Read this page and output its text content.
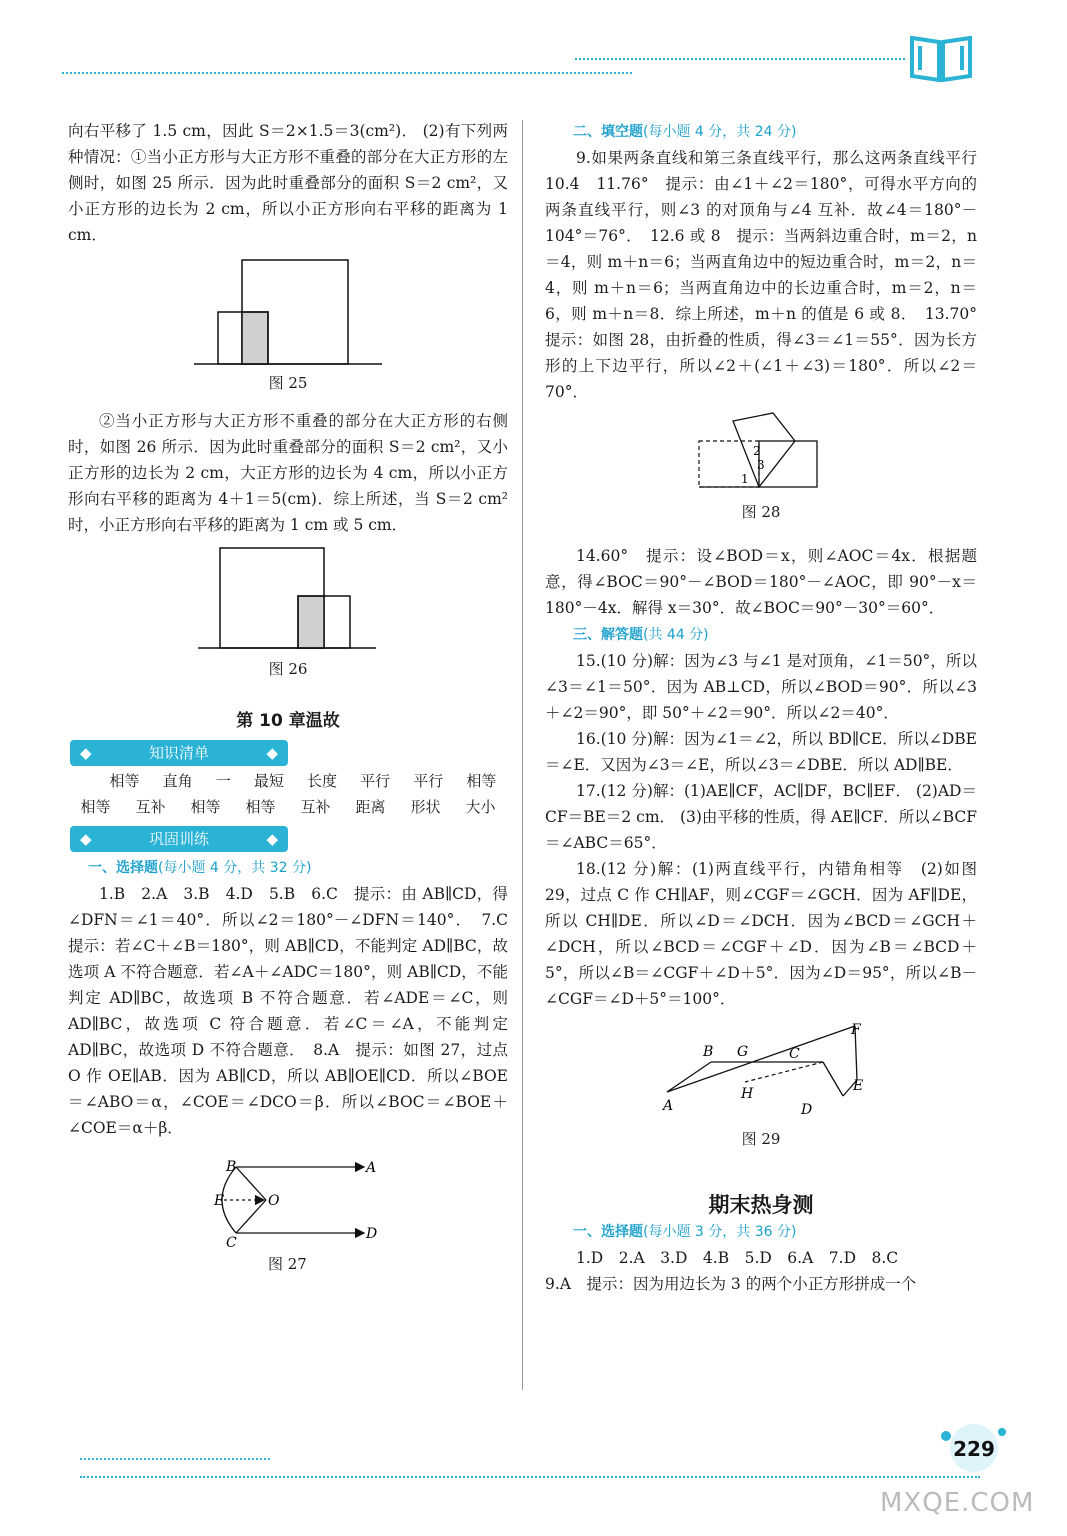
向右平移了 1.5 cm，因此 S＝2×1.5＝3(cm²)． (2)有下列两种情况：①当小正方形与大正方形不重叠的部分在大正方形的左侧时，如图 25 所示．因为此时重叠部分的面积 S＝2 cm²，又小正方形的边长为 2 cm，所以小正方形向右平移的距离为 1 cm．

图 25

②当小正方形与大正方形不重叠的部分在大正方形的右侧时，如图 26 所示．因为此时重叠部分的面积 S＝2 cm²，又小正方形的边长为 2 cm，大正方形的边长为 4 cm，所以小正方形向右平移的距离为 4＋1＝5(cm)．综上所述，当 S＝2 cm² 时，小正方形向右平移的距离为 1 cm 或 5 cm．

图 26
第 10 章温故
◆	知识清单	◆
相等 直角 一 最短 长度 平行 平行 相等
相等 互补 相等 相等 互补 距离 形状 大小
◆	巩固训练	◆
一、选择题(每小题 4 分，共 32 分)

1.B　2.A　3.B　4.D　5.B　6.C　提示：由 AB∥CD，得∠DFN＝∠1＝40°．所以∠2＝180°－∠DFN＝140°．　7.C　提示：若∠C＋∠B＝180°，则 AB∥CD，不能判定 AD∥BC，故选项 A 不符合题意．若∠A＋∠ADC＝180°，则 AB∥CD，不能判定 AD∥BC，故选项 B 不符合题意．若∠ADE＝∠C，则 AD∥BC，故选项 C 符合题意．若∠C＝∠A，不能判定 AD∥BC，故选项 D 不符合题意．　8.A　提示：如图 27，过点 O 作 OE∥AB．因为 AB∥CD，所以 AB∥OE∥CD．所以∠BOE＝∠ABO＝α，∠COE＝∠DCO＝β．所以∠BOC＝∠BOE＋∠COE＝α＋β．

B
E	O
C
A
D
图 27
二、填空题(每小题 4 分，共 24 分)

9.如果两条直线和第三条直线平行，那么这两条直线平行　10.4　11.76°　提示：由∠1＋∠2＝180°，可得水平方向的两条直线平行，则∠3 的对顶角与∠4 互补．故∠4＝180°－104°＝76°．　12.6 或 8　提示：当两斜边重合时，m＝2，n＝4，则 m＋n＝6；当两直角边中的短边重合时，m＝2，n＝4，则 m＋n＝6；当两直角边中的长边重合时，m＝2，n＝6，则 m＋n＝8．综上所述，m＋n 的值是 6 或 8．　13.70°　提示：如图 28，由折叠的性质，得∠3＝∠1＝55°．因为长方形的上下边平行，所以∠2＋(∠1＋∠3)＝180°．所以∠2＝70°．

2
3
1
图 28

14.60°　提示：设∠BOD＝x，则∠AOC＝4x．根据题意，得∠BOC＝90°－∠BOD＝180°－∠AOC，即 90°－x＝180°－4x．解得 x＝30°．故∠BOC＝90°－30°＝60°．

三、解答题(共 44 分)

15.(10 分)解：因为∠3 与∠1 是对顶角，∠1＝50°，所以∠3＝∠1＝50°．因为 AB⊥CD，所以∠BOD＝90°．所以∠3＋∠2＝90°，即 50°＋∠2＝90°．所以∠2＝40°．

16.(10 分)解：因为∠1＝∠2，所以 BD∥CE．所以∠DBE＝∠E．又因为∠3＝∠E，所以∠3＝∠DBE．所以 AD∥BE．

17.(12 分)解：(1)AE∥CF，AC∥DF，BC∥EF． (2)AD＝CF＝BE＝2 cm． (3)由平移的性质，得 AE∥CF．所以∠BCF＝∠ABC＝65°．

18.(12 分)解：(1)两直线平行，内错角相等　(2)如图 29，过点 C 作 CH∥AF，则∠CGF＝∠GCH．因为 AF∥DE，所以 CH∥DE．所以∠D＝∠DCH．因为∠BCD＝∠GCH＋∠DCH，所以∠BCD＝∠CGF＋∠D．因为∠B＝∠BCD＋5°，所以∠B＝∠CGF＋∠D＋5°．因为∠D＝95°，所以∠B－∠CGF＝∠D＋5°＝100°．

A
B G	C
H
D
E
F
图 29
期末热身测
一、选择题(每小题 3 分，共 36 分)

1.D　2.A　3.D　4.B　5.D　6.A　7.D　8.C

9.A　提示：因为用边长为 3 的两个小正方形拼成一个

229
MXQE.COM
